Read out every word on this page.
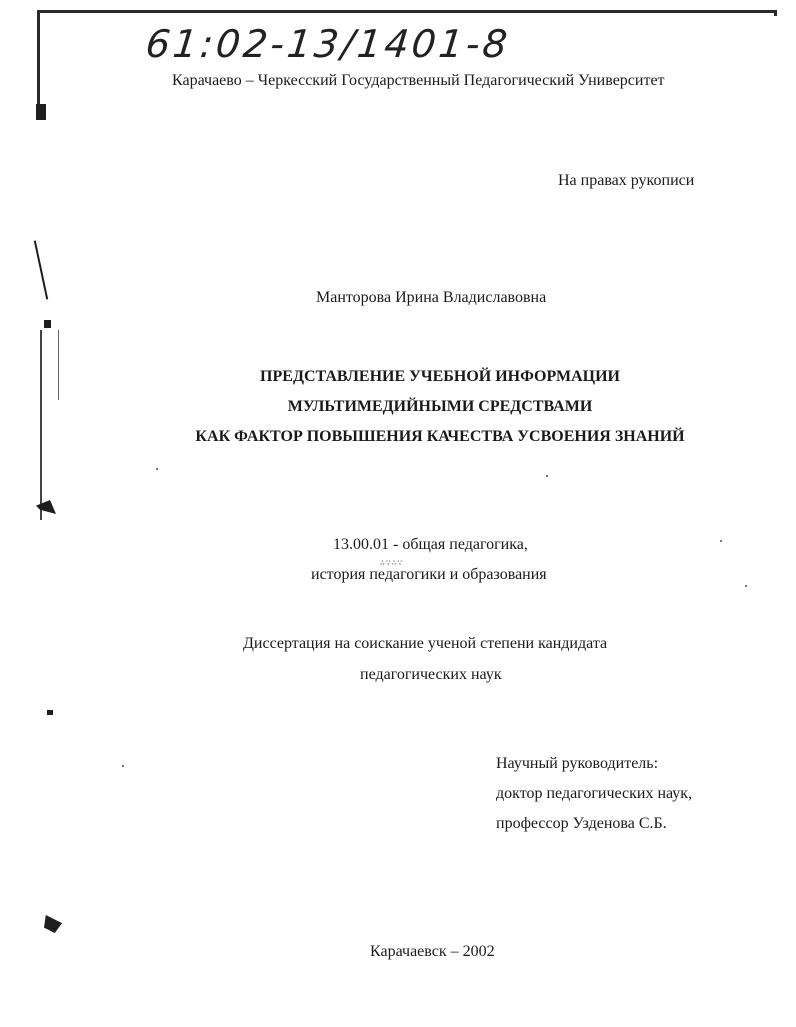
61:02-13/1401-8
Карачаево – Черкесский Государственный Педагогический Университет
На правах рукописи
Манторова Ирина Владиславовна
ПРЕДСТАВЛЕНИЕ УЧЕБНОЙ ИНФОРМАЦИИ
МУЛЬТИМЕДИЙНЫМИ СРЕДСТВАМИ
КАК ФАКТОР ПОВЫШЕНИЯ КАЧЕСТВА УСВОЕНИЯ ЗНАНИЙ
13.00.01 - общая педагогика,
∴∵∴∵
история педагогики и образования
Диссертация на соискание ученой степени кандидата
педагогических наук
Научный руководитель:
доктор педагогических наук,
профессор Узденова С.Б.
Карачаевск – 2002
